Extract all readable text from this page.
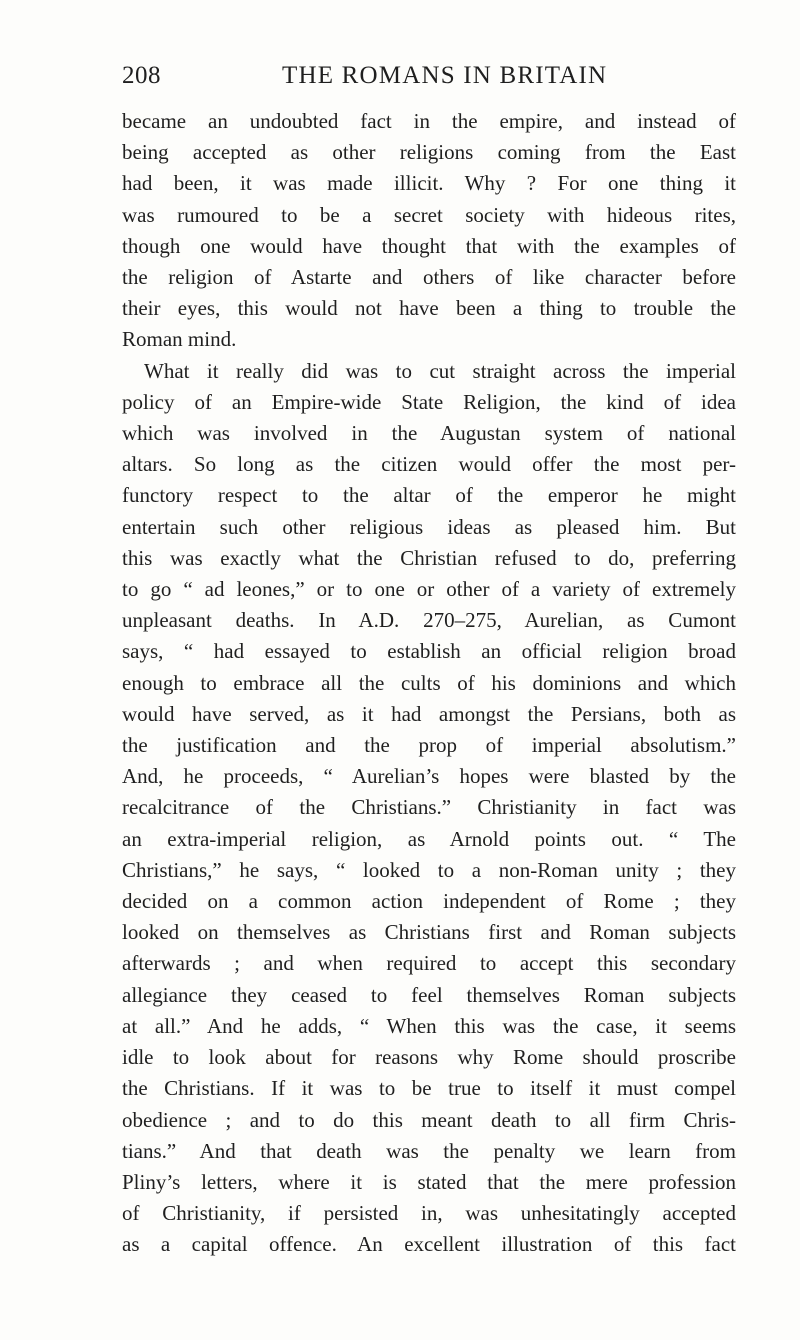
208	THE ROMANS IN BRITAIN
became an undoubted fact in the empire, and instead of
being accepted as other religions coming from the East
had been, it was made illicit. Why ? For one thing it
was rumoured to be a secret society with hideous rites,
though one would have thought that with the examples of
the religion of Astarte and others of like character before
their eyes, this would not have been a thing to trouble the
Roman mind.
What it really did was to cut straight across the imperial
policy of an Empire-wide State Religion, the kind of idea
which was involved in the Augustan system of national
altars. So long as the citizen would offer the most per-
functory respect to the altar of the emperor he might
entertain such other religious ideas as pleased him. But
this was exactly what the Christian refused to do, preferring
to go “ ad leones,” or to one or other of a variety of extremely
unpleasant deaths. In A.D. 270–275, Aurelian, as Cumont
says, “ had essayed to establish an official religion broad
enough to embrace all the cults of his dominions and which
would have served, as it had amongst the Persians, both as
the justification and the prop of imperial absolutism.”
And, he proceeds, “ Aurelian’s hopes were blasted by the
recalcitrance of the Christians.” Christianity in fact was
an extra-imperial religion, as Arnold points out. “ The
Christians,” he says, “ looked to a non-Roman unity ; they
decided on a common action independent of Rome ; they
looked on themselves as Christians first and Roman subjects
afterwards ; and when required to accept this secondary
allegiance they ceased to feel themselves Roman subjects
at all.” And he adds, “ When this was the case, it seems
idle to look about for reasons why Rome should proscribe
the Christians. If it was to be true to itself it must compel
obedience ; and to do this meant death to all firm Chris-
tians.” And that death was the penalty we learn from
Pliny’s letters, where it is stated that the mere profession
of Christianity, if persisted in, was unhesitatingly accepted
as a capital offence. An excellent illustration of this fact
